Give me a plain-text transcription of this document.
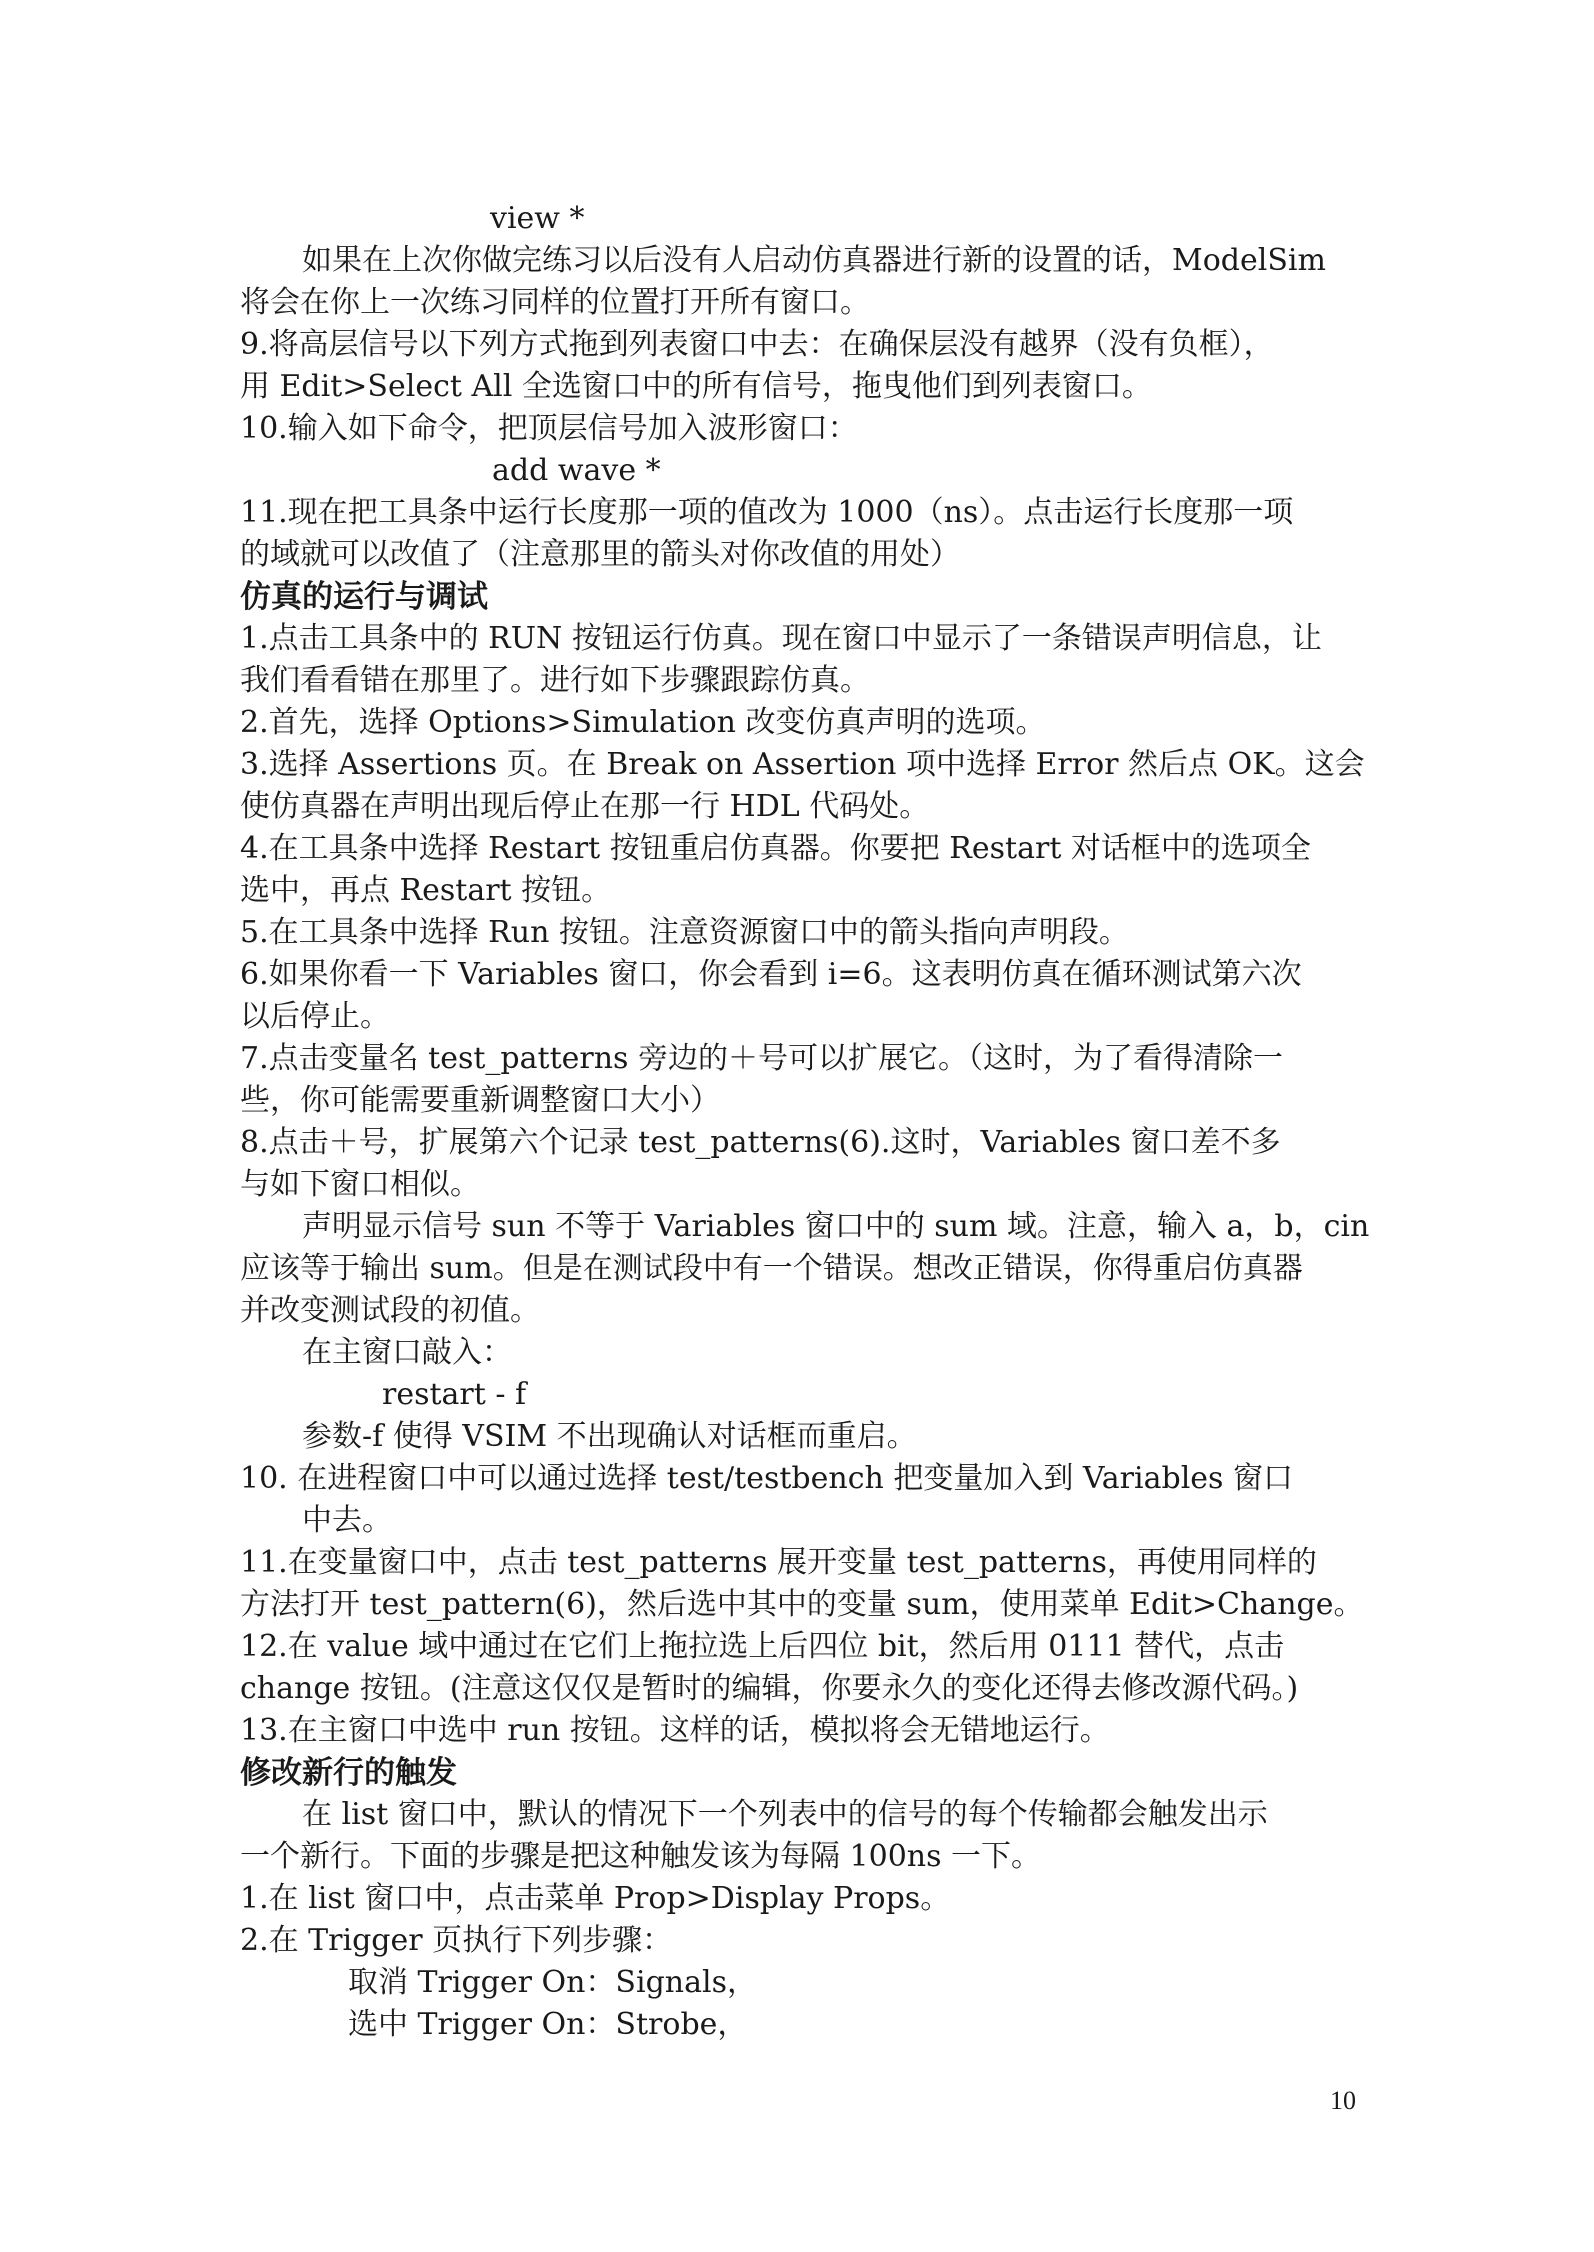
view *
如果在上次你做完练习以后没有人启动仿真器进行新的设置的话，ModelSim
将会在你上一次练习同样的位置打开所有窗口。
9.将高层信号以下列方式拖到列表窗口中去：在确保层没有越界（没有负框），
用 Edit>Select All 全选窗口中的所有信号，拖曳他们到列表窗口。
10.输入如下命令，把顶层信号加入波形窗口：
add wave *
11.现在把工具条中运行长度那一项的值改为 1000（ns）。点击运行长度那一项
的域就可以改值了（注意那里的箭头对你改值的用处）
仿真的运行与调试
1.点击工具条中的 RUN 按钮运行仿真。现在窗口中显示了一条错误声明信息，让
我们看看错在那里了。进行如下步骤跟踪仿真。
2.首先，选择 Options>Simulation 改变仿真声明的选项。
3.选择 Assertions 页。在 Break on Assertion 项中选择 Error 然后点 OK。这会
使仿真器在声明出现后停止在那一行 HDL 代码处。
4.在工具条中选择 Restart 按钮重启仿真器。你要把 Restart 对话框中的选项全
选中，再点 Restart 按钮。
5.在工具条中选择 Run 按钮。注意资源窗口中的箭头指向声明段。
6.如果你看一下 Variables 窗口，你会看到 i=6。这表明仿真在循环测试第六次
以后停止。
7.点击变量名 test_patterns 旁边的＋号可以扩展它。（这时，为了看得清除一
些，你可能需要重新调整窗口大小）
8.点击＋号，扩展第六个记录 test_patterns(6).这时，Variables 窗口差不多
与如下窗口相似。
声明显示信号 sun 不等于 Variables 窗口中的 sum 域。注意，输入 a，b，cin
应该等于输出 sum。但是在测试段中有一个错误。想改正错误，你得重启仿真器
并改变测试段的初值。
在主窗口敲入：
restart - f
参数-f 使得 VSIM 不出现确认对话框而重启。
10. 在进程窗口中可以通过选择 test/testbench 把变量加入到 Variables 窗口
中去。
11.在变量窗口中，点击 test_patterns 展开变量 test_patterns，再使用同样的
方法打开 test_pattern(6)，然后选中其中的变量 sum，使用菜单 Edit>Change。
12.在 value 域中通过在它们上拖拉选上后四位 bit，然后用 0111 替代，点击
change 按钮。(注意这仅仅是暂时的编辑，你要永久的变化还得去修改源代码。)
13.在主窗口中选中 run 按钮。这样的话，模拟将会无错地运行。
修改新行的触发
在 list 窗口中，默认的情况下一个列表中的信号的每个传输都会触发出示
一个新行。下面的步骤是把这种触发该为每隔 100ns 一下。
1.在 list 窗口中，点击菜单 Prop>Display Props。
2.在 Trigger 页执行下列步骤：
取消 Trigger On：Signals，
选中 Trigger On：Strobe，
10
